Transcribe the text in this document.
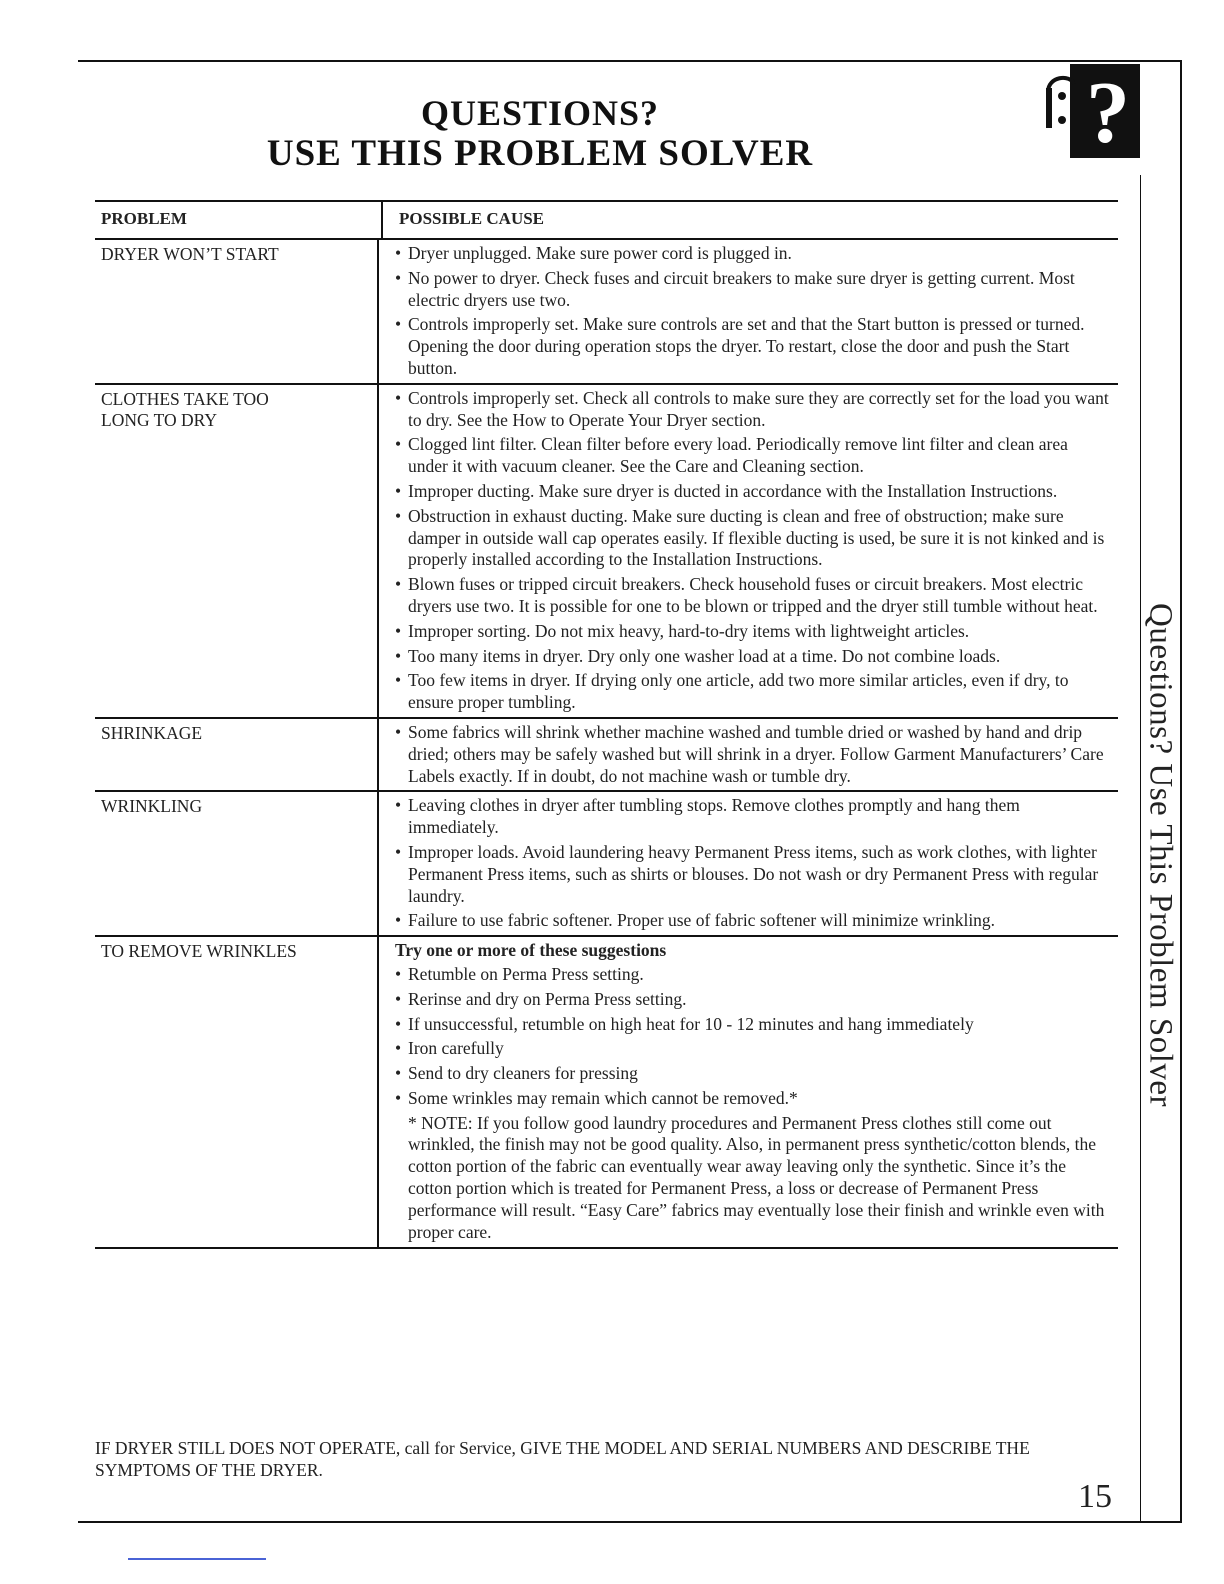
QUESTIONS?
USE THIS PROBLEM SOLVER	?
Questions? Use This Problem Solver
PROBLEM	POSSIBLE CAUSE
DRYER WON’T START	• Dryer unplugged. Make sure power cord is plugged in.
• No power to dryer. Check fuses and circuit breakers to make sure dryer is getting current. Most electric dryers use two.
• Controls improperly set. Make sure controls are set and that the Start button is pressed or turned. Opening the door during operation stops the dryer. To restart, close the door and push the Start button.
CLOTHES TAKE TOO
LONG TO DRY
• Controls improperly set. Check all controls to make sure they are correctly set for the load you want to dry. See the How to Operate Your Dryer section.
• Clogged lint filter. Clean filter before every load. Periodically remove lint filter and clean area under it with vacuum cleaner. See the Care and Cleaning section.
• Improper ducting. Make sure dryer is ducted in accordance with the Installation Instructions.
• Obstruction in exhaust ducting. Make sure ducting is clean and free of obstruction; make sure damper in outside wall cap operates easily. If flexible ducting is used, be sure it is not kinked and is properly installed according to the Installation Instructions.
• Blown fuses or tripped circuit breakers. Check household fuses or circuit breakers. Most electric dryers use two. It is possible for one to be blown or tripped and the dryer still tumble without heat.
• Improper sorting. Do not mix heavy, hard-to-dry items with lightweight articles.
• Too many items in dryer. Dry only one washer load at a time. Do not combine loads.
• Too few items in dryer. If drying only one article, add two more similar articles, even if dry, to ensure proper tumbling.
SHRINKAGE	• Some fabrics will shrink whether machine washed and tumble dried or washed by hand and drip dried; others may be safely washed but will shrink in a dryer. Follow Garment Manufacturers’ Care Labels exactly. If in doubt, do not machine wash or tumble dry.
WRINKLING	• Leaving clothes in dryer after tumbling stops. Remove clothes promptly and hang them immediately.
• Improper loads. Avoid laundering heavy Permanent Press items, such as work clothes, with lighter Permanent Press items, such as shirts or blouses. Do not wash or dry Permanent Press with regular laundry.
• Failure to use fabric softener. Proper use of fabric softener will minimize wrinkling.
TO REMOVE WRINKLES	Try one or more of these suggestions
• Retumble on Perma Press setting.
• Rerinse and dry on Perma Press setting.
• If unsuccessful, retumble on high heat for 10 - 12 minutes and hang immediately
• Iron carefully
• Send to dry cleaners for pressing
• Some wrinkles may remain which cannot be removed.*
* NOTE: If you follow good laundry procedures and Permanent Press clothes still come out wrinkled, the finish may not be good quality. Also, in permanent press synthetic/cotton blends, the cotton portion of the fabric can eventually wear away leaving only the synthetic. Since it’s the cotton portion which is treated for Permanent Press, a loss or decrease of Permanent Press performance will result. “Easy Care” fabrics may eventually lose their finish and wrinkle even with proper care.
IF DRYER STILL DOES NOT OPERATE, call for Service, GIVE THE MODEL AND SERIAL NUMBERS AND DESCRIBE THE SYMPTOMS OF THE DRYER.
15
